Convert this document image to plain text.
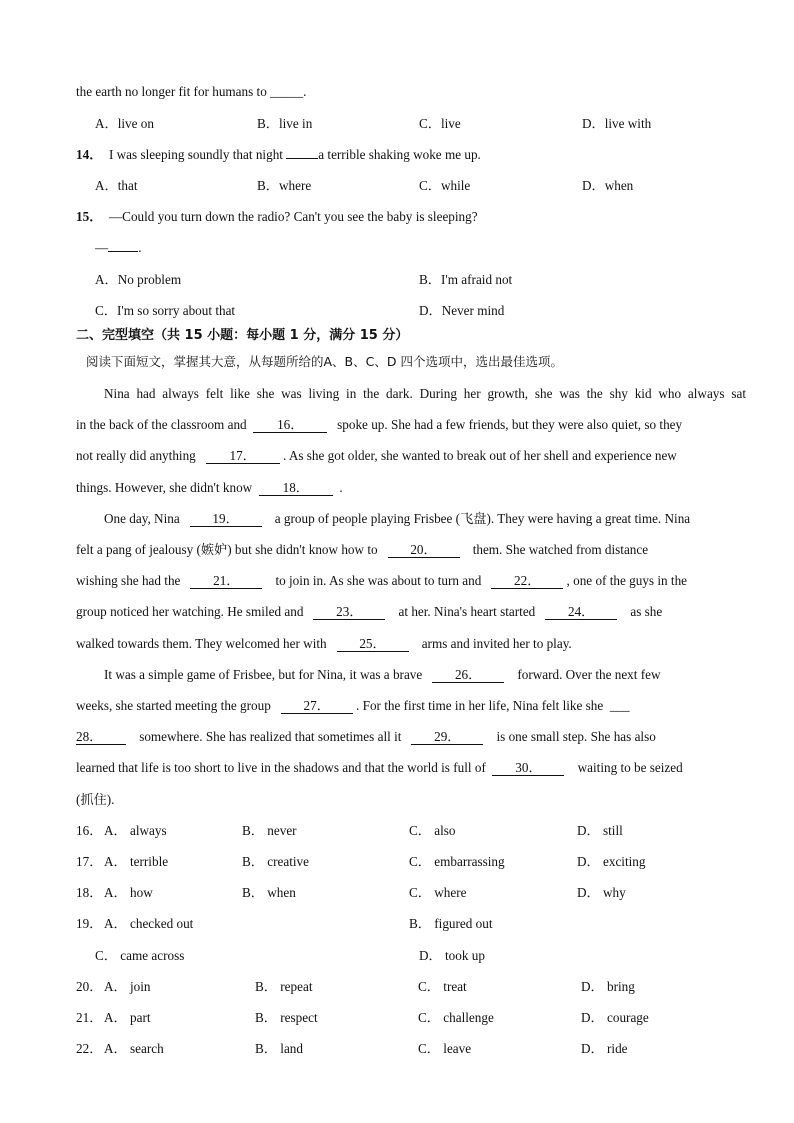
the earth no longer fit for humans to _____.
A．live on	B．live in	C．live	D．live with
14． I was sleeping soundly that night	a terrible shaking woke me up.
A．that	B．where	C．while	D．when
15． —Could you turn down the radio? Can't you see the baby is sleeping?
— .
A．No problem	B．I'm afraid not
C．I'm so sorry about that	D．Never mind
二、完型填空（共 15 小题：每小题 1 分，满分 15 分）
阅读下面短文，掌握其大意，从每题所给的A、B、C、D 四个选项中，选出最佳选项。
Nina had always felt like she was living in the dark. During her growth, she was the shy kid who always sat
in the back of the classroom and 16．	spoke up. She had a few friends, but they were also quiet, so they
not really did anything	17． . As she got older, she wanted to break out of her shell and experience new
things. However, she didn't know 18． .
One day, Nina 19．	a group of people playing Frisbee (飞盘). They were having a great time. Nina
felt a pang of jealousy (嫉妒) but she didn't know how to 20．	them. She watched from distance
wishing she had the 21．	to join in. As she was about to turn and 22． , one of the guys in the
group noticed her watching. He smiled and 23．	at her. Nina's heart started 24．	as she
walked towards them. They welcomed her with 25．	arms and invited her to play.
It was a simple game of Frisbee, but for Nina, it was a brave 26．	forward. Over the next few
weeks, she started meeting the group 27． . For the first time in her life, Nina felt like she ___
28．	somewhere. She has realized that sometimes all it 29．	is one small step. She has also
learned that life is too short to live in the shadows and that the world is full of 30．	waiting to be seized
(抓住).
16． A． always	B． never	C． also	D． still
17． A． terrible	B． creative	C． embarrassing	D． exciting
18． A． how	B． when	C． where	D． why
19． A． checked out	B． figured out
C． came across	D． took up
20． A． join	B． repeat	C． treat	D． bring
21． A． part	B． respect	C． challenge	D． courage
22． A． search	B． land	C． leave	D． ride
